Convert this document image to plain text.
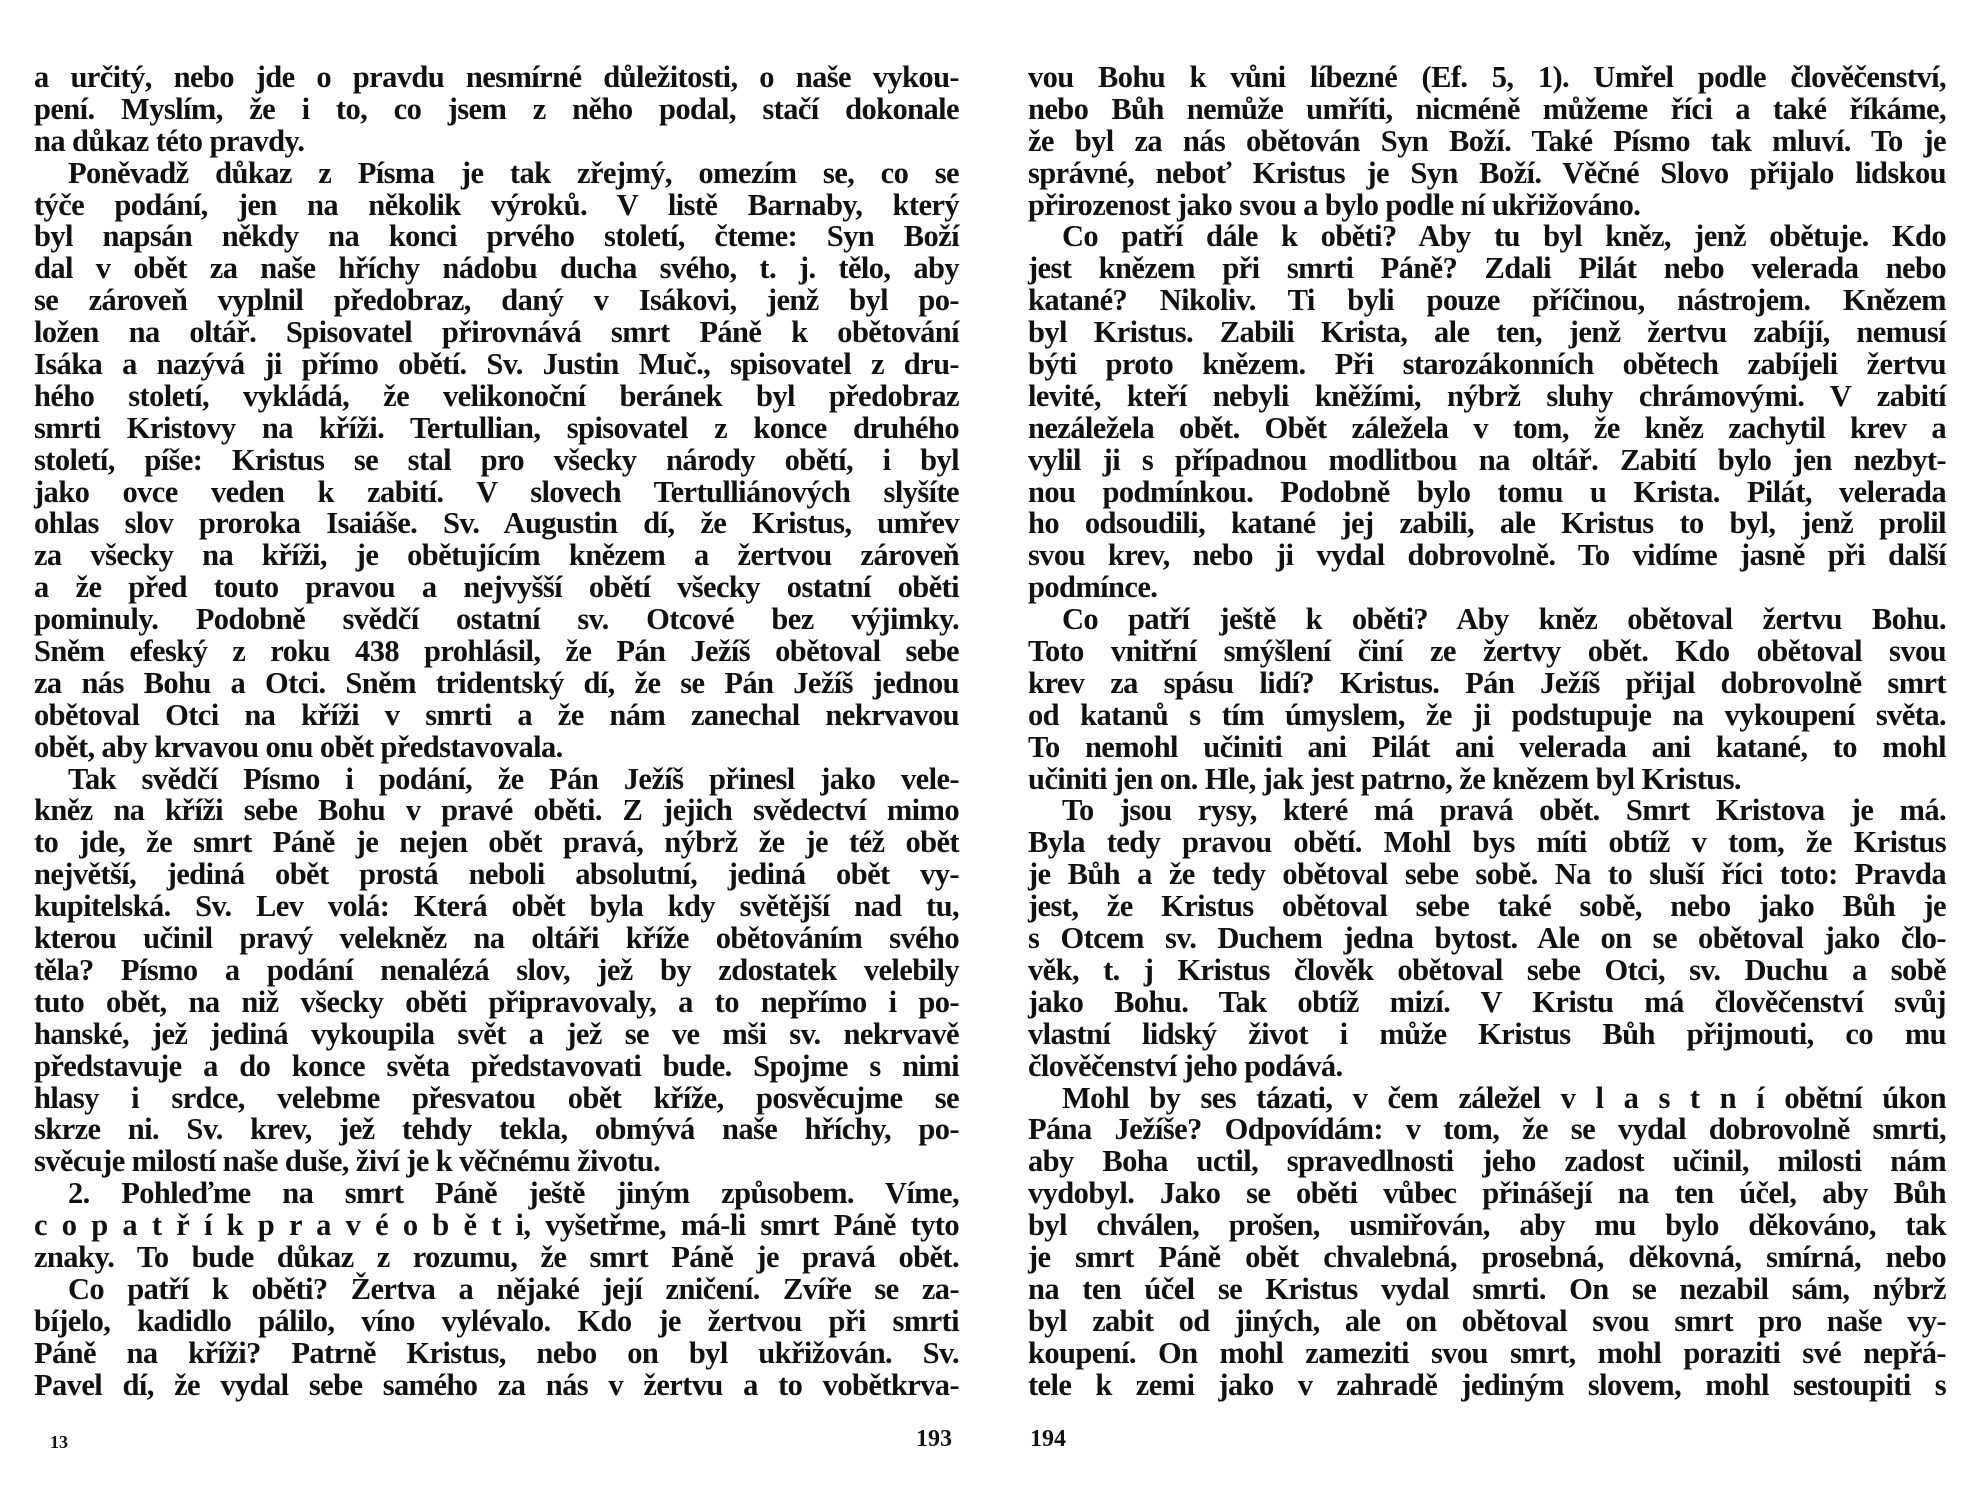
a určitý, nebo jde o pravdu nesmírné důležitosti, o naše vykou-
pení. Myslím, že i to, co jsem z něho podal, stačí dokonale
na důkaz této pravdy.
Poněvadž důkaz z Písma je tak zřejmý, omezím se, co se
týče podání, jen na několik výroků. V listě Barnaby, který
byl napsán někdy na konci prvého století, čteme: Syn Boží
dal v obět za naše hříchy nádobu ducha svého, t. j. tělo, aby
se zároveň vyplnil předobraz, daný v Isákovi, jenž byl po-
ložen na oltář. Spisovatel přirovnává smrt Páně k obětování
Isáka a nazývá ji přímo obětí. Sv. Justin Muč., spisovatel z dru-
hého století, vykládá, že velikonoční beránek byl předobraz
smrti Kristovy na kříži. Tertullian, spisovatel z konce druhého
století, píše: Kristus se stal pro všecky národy obětí, i byl
jako ovce veden k zabití. V slovech Tertulliánových slyšíte
ohlas slov proroka Isaiáše. Sv. Augustin dí, že Kristus, umřev
za všecky na kříži, je obětujícím knězem a žertvou zároveň
a že před touto pravou a nejvyšší obětí všecky ostatní oběti
pominuly. Podobně svědčí ostatní sv. Otcové bez výjimky.
Sněm efeský z roku 438 prohlásil, že Pán Ježíš obětoval sebe
za nás Bohu a Otci. Sněm tridentský dí, že se Pán Ježíš jednou
obětoval Otci na kříži v smrti a že nám zanechal nekrvavou
obět, aby krvavou onu obět představovala.
Tak svědčí Písmo i podání, že Pán Ježíš přinesl jako vele-
kněz na kříži sebe Bohu v pravé oběti. Z jejich svědectví mimo
to jde, že smrt Páně je nejen obět pravá, nýbrž že je též obět
největší, jediná obět prostá neboli absolutní, jediná obět vy-
kupitelská. Sv. Lev volá: Která obět byla kdy světější nad tu,
kterou učinil pravý velekněz na oltáři kříže obětováním svého
těla? Písmo a podání nenalézá slov, jež by zdostatek velebily
tuto obět, na niž všecky oběti připravovaly, a to nepřímo i po-
hanské, jež jediná vykoupila svět a jež se ve mši sv. nekrvavě
představuje a do konce světa představovati bude. Spojme s nimi
hlasy i srdce, velebme přesvatou obět kříže, posvěcujme se
skrze ni. Sv. krev, jež tehdy tekla, obmývá naše hříchy, po-
svěcuje milostí naše duše, živí je k věčnému životu.
2. Pohleďme na smrt Páně ještě jiným způsobem. Víme,
c o p a t ř í k p r a v é o b ě t i, vyšetřme, má-li smrt Páně tyto
znaky. To bude důkaz z rozumu, že smrt Páně je pravá obět.
Co patří k oběti? Žertva a nějaké její zničení. Zvíře se za-
bíjelo, kadidlo pálilo, víno vylévalo. Kdo je žertvou při smrti
Páně na kříži? Patrně Kristus, nebo on byl ukřižován. Sv.
Pavel dí, že vydal sebe samého za nás v žertvu a to vobětkrva-
vou Bohu k vůni líbezné (Ef. 5, 1). Umřel podle člověčenství,
nebo Bůh nemůže umříti, nicméně můžeme říci a také říkáme,
že byl za nás obětován Syn Boží. Také Písmo tak mluví. To je
správné, neboť Kristus je Syn Boží. Věčné Slovo přijalo lidskou
přirozenost jako svou a bylo podle ní ukřižováno.
Co patří dále k oběti? Aby tu byl kněz, jenž obětuje. Kdo
jest knězem při smrti Páně? Zdali Pilát nebo velerada nebo
katané? Nikoliv. Ti byli pouze příčinou, nástrojem. Knězem
byl Kristus. Zabili Krista, ale ten, jenž žertvu zabíjí, nemusí
býti proto knězem. Při starozákonních obětech zabíjeli žertvu
levité, kteří nebyli kněžími, nýbrž sluhy chrámovými. V zabití
nezáležela obět. Obět záležela v tom, že kněz zachytil krev a
vylil ji s případnou modlitbou na oltář. Zabití bylo jen nezbyt-
nou podmínkou. Podobně bylo tomu u Krista. Pilát, velerada
ho odsoudili, katané jej zabili, ale Kristus to byl, jenž prolil
svou krev, nebo ji vydal dobrovolně. To vidíme jasně při další
podmínce.
Co patří ještě k oběti? Aby kněz obětoval žertvu Bohu.
Toto vnitřní smýšlení činí ze žertvy obět. Kdo obětoval svou
krev za spásu lidí? Kristus. Pán Ježíš přijal dobrovolně smrt
od katanů s tím úmyslem, že ji podstupuje na vykoupení světa.
To nemohl učiniti ani Pilát ani velerada ani katané, to mohl
učiniti jen on. Hle, jak jest patrno, že knězem byl Kristus.
To jsou rysy, které má pravá obět. Smrt Kristova je má.
Byla tedy pravou obětí. Mohl bys míti obtíž v tom, že Kristus
je Bůh a že tedy obětoval sebe sobě. Na to sluší říci toto: Pravda
jest, že Kristus obětoval sebe také sobě, nebo jako Bůh je
s Otcem sv. Duchem jedna bytost. Ale on se obětoval jako člo-
věk, t. j Kristus člověk obětoval sebe Otci, sv. Duchu a sobě
jako Bohu. Tak obtíž mizí. V Kristu má člověčenství svůj
vlastní lidský život i může Kristus Bůh přijmouti, co mu
člověčenství jeho podává.
Mohl by ses tázati, v čem záležel v l a s t n í obětní úkon
Pána Ježíše? Odpovídám: v tom, že se vydal dobrovolně smrti,
aby Boha uctil, spravedlnosti jeho zadost učinil, milosti nám
vydobyl. Jako se oběti vůbec přinášejí na ten účel, aby Bůh
byl chválen, prošen, usmiřován, aby mu bylo děkováno, tak
je smrt Páně obět chvalebná, prosebná, děkovná, smírná, nebo
na ten účel se Kristus vydal smrti. On se nezabil sám, nýbrž
byl zabit od jiných, ale on obětoval svou smrt pro naše vy-
koupení. On mohl zameziti svou smrt, mohl poraziti své nepřá-
tele k zemi jako v zahradě jediným slovem, mohl sestoupiti s
13	193	194
